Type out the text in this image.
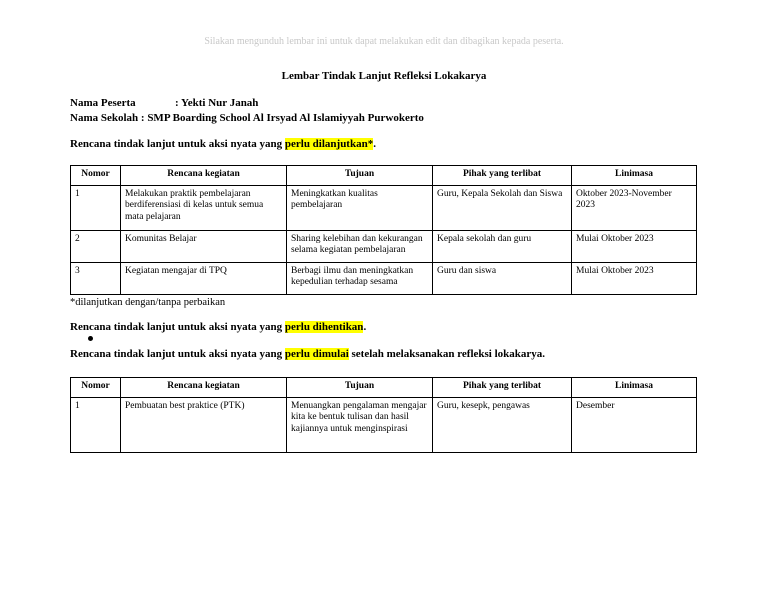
Silakan mengunduh lembar ini untuk dapat melakukan edit dan dibagikan kepada peserta.
Lembar Tindak Lanjut Refleksi Lokakarya
Nama Peserta	: Yekti Nur Janah
Nama Sekolah : SMP Boarding School Al Irsyad Al Islamiyyah Purwokerto
Rencana tindak lanjut untuk aksi nyata yang perlu dilanjutkan*.
Nomor	Rencana kegiatan	Tujuan	Pihak yang terlibat	Linimasa
1	Melakukan praktik pembelajaran berdiferensiasi di kelas untuk semua mata pelajaran	Meningkatkan kualitas pembelajaran	Guru, Kepala Sekolah dan Siswa	Oktober 2023-November 2023
2	Komunitas Belajar	Sharing kelebihan dan kekurangan selama kegiatan pembelajaran	Kepala sekolah dan guru	Mulai Oktober 2023
3	Kegiatan mengajar di TPQ	Berbagi ilmu dan meningkatkan kepedulian terhadap sesama	Guru dan siswa	Mulai Oktober 2023
*dilanjutkan dengan/tanpa perbaikan
Rencana tindak lanjut untuk aksi nyata yang perlu dihentikan.
Rencana tindak lanjut untuk aksi nyata yang perlu dimulai setelah melaksanakan refleksi lokakarya.
Nomor	Rencana kegiatan	Tujuan	Pihak yang terlibat	Linimasa
1	Pembuatan best praktice (PTK)	Menuangkan pengalaman mengajar kita ke bentuk tulisan dan hasil kajiannya untuk menginspirasi	Guru, kesepk, pengawas	Desember
